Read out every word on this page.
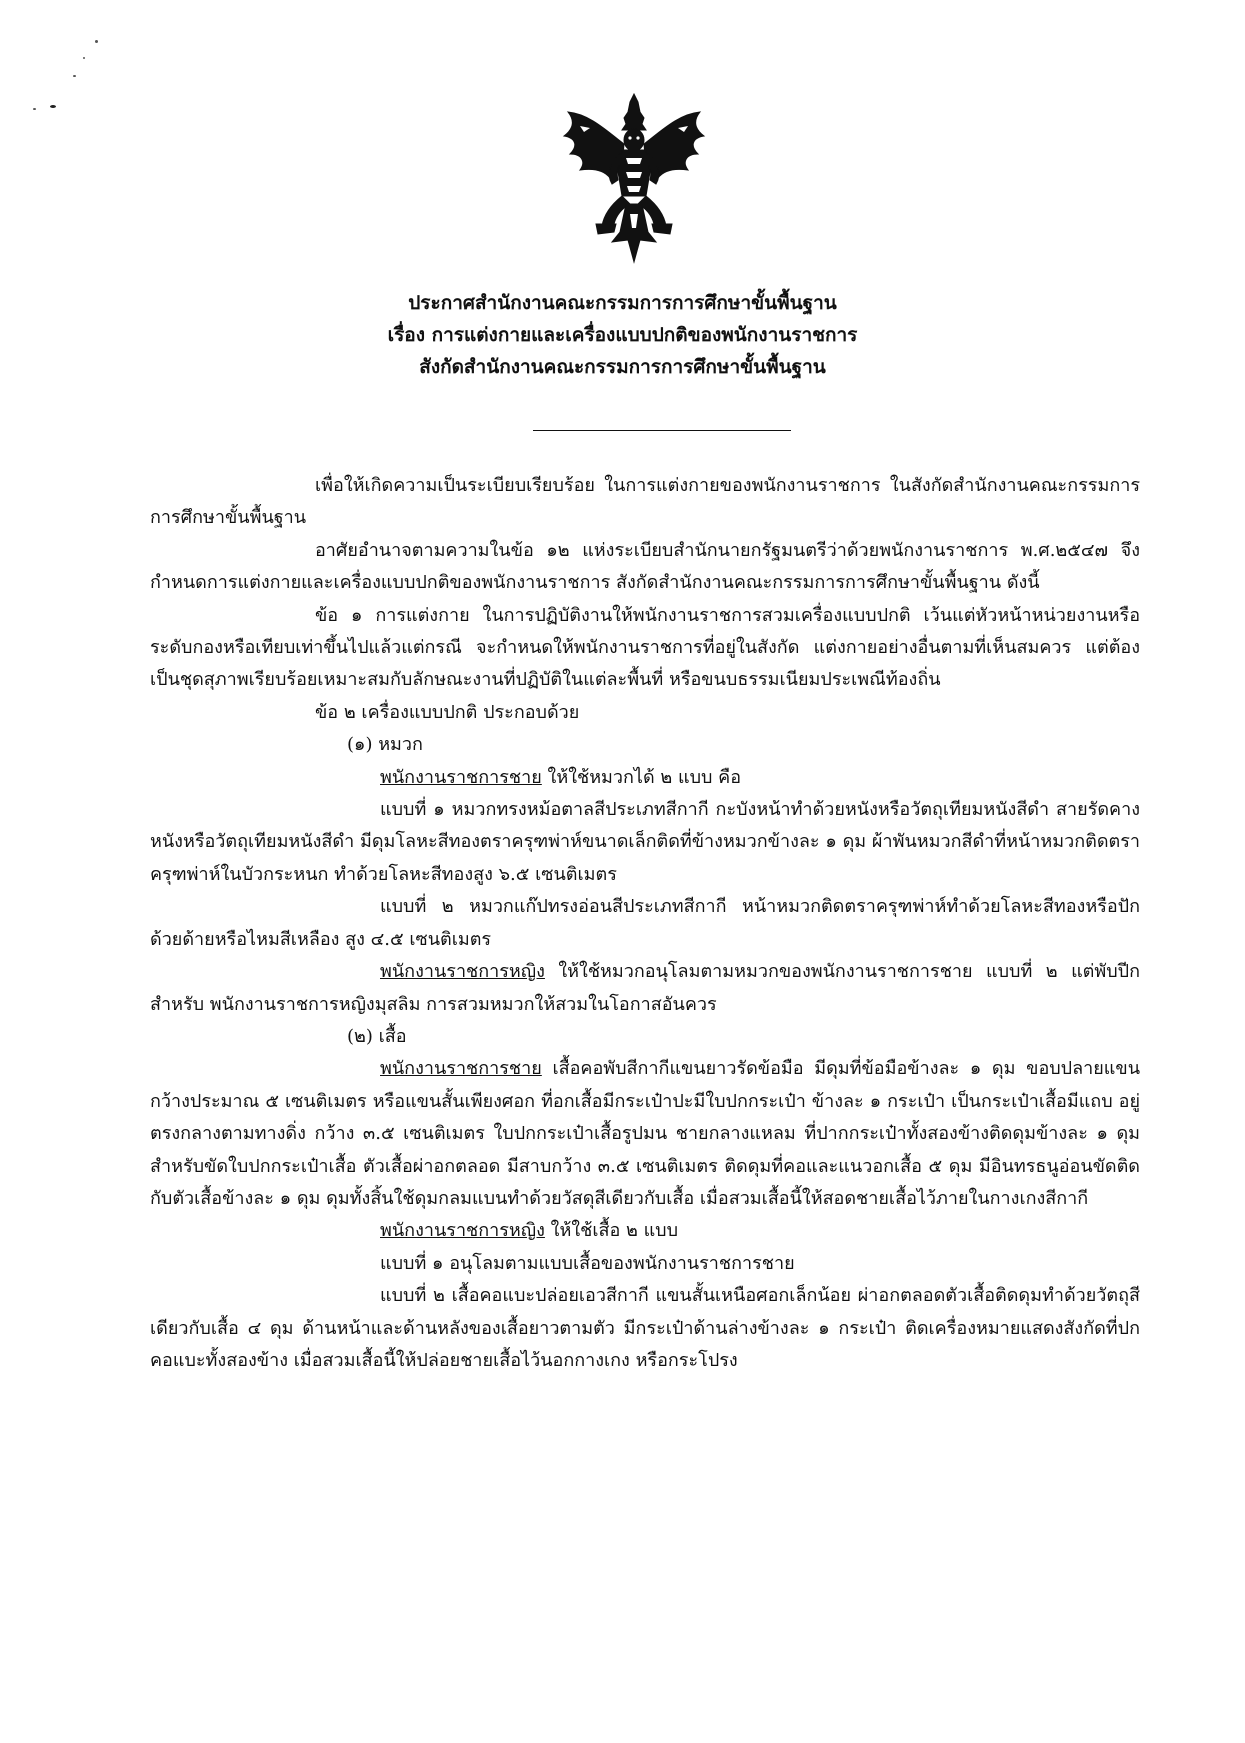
ประกาศสำนักงานคณะกรรมการการศึกษาขั้นพื้นฐาน
เรื่อง การแต่งกายและเครื่องแบบปกติของพนักงานราชการ
สังกัดสำนักงานคณะกรรมการการศึกษาขั้นพื้นฐาน

เพื่อให้เกิดความเป็นระเบียบเรียบร้อย ในการแต่งกายของพนักงานราชการ ในสังกัดสำนักงานคณะกรรมการการศึกษาขั้นพื้นฐาน

อาศัยอำนาจตามความในข้อ ๑๒ แห่งระเบียบสำนักนายกรัฐมนตรีว่าด้วยพนักงานราชการ พ.ศ.๒๕๔๗ จึงกำหนดการแต่งกายและเครื่องแบบปกติของพนักงานราชการ สังกัดสำนักงานคณะกรรมการการศึกษาขั้นพื้นฐาน ดังนี้

ข้อ ๑ การแต่งกาย ในการปฏิบัติงานให้พนักงานราชการสวมเครื่องแบบปกติ เว้นแต่หัวหน้าหน่วยงานหรือระดับกองหรือเทียบเท่าขึ้นไปแล้วแต่กรณี จะกำหนดให้พนักงานราชการที่อยู่ในสังกัด แต่งกายอย่างอื่นตามที่เห็นสมควร แต่ต้องเป็นชุดสุภาพเรียบร้อยเหมาะสมกับลักษณะงานที่ปฏิบัติในแต่ละพื้นที่ หรือขนบธรรมเนียมประเพณีท้องถิ่น

ข้อ ๒ เครื่องแบบปกติ ประกอบด้วย

(๑) หมวก

พนักงานราชการชาย ให้ใช้หมวกได้ ๒ แบบ คือ

แบบที่ ๑ หมวกทรงหม้อตาลสีประเภทสีกากี กะบังหน้าทำด้วยหนังหรือวัตถุเทียมหนังสีดำ สายรัดคางหนังหรือวัตถุเทียมหนังสีดำ มีดุมโลหะสีทองตราครุฑพ่าห์ขนาดเล็กติดที่ข้างหมวกข้างละ ๑ ดุม ผ้าพันหมวกสีดำที่หน้าหมวกติดตราครุฑพ่าห์ในบัวกระหนก ทำด้วยโลหะสีทองสูง ๖.๕ เซนติเมตร

แบบที่ ๒ หมวกแก๊ปทรงอ่อนสีประเภทสีกากี หน้าหมวกติดตราครุฑพ่าห์ทำด้วยโลหะสีทองหรือปักด้วยด้ายหรือไหมสีเหลือง สูง ๔.๕ เซนติเมตร

พนักงานราชการหญิง ให้ใช้หมวกอนุโลมตามหมวกของพนักงานราชการชาย แบบที่ ๒ แต่พับปีกสำหรับ พนักงานราชการหญิงมุสลิม การสวมหมวกให้สวมในโอกาสอันควร

(๒) เสื้อ

พนักงานราชการชาย เสื้อคอพับสีกากีแขนยาวรัดข้อมือ มีดุมที่ข้อมือข้างละ ๑ ดุม ขอบปลายแขนกว้างประมาณ ๕ เซนติเมตร หรือแขนสั้นเพียงศอก ที่อกเสื้อมีกระเป๋าปะมีใบปกกระเป๋า ข้างละ ๑ กระเป๋า เป็นกระเป๋าเสื้อมีแถบ อยู่ตรงกลางตามทางดิ่ง กว้าง ๓.๕ เซนติเมตร ใบปกกระเป๋าเสื้อรูปมน ชายกลางแหลม ที่ปากกระเป๋าทั้งสองข้างติดดุมข้างละ ๑ ดุม สำหรับขัดใบปกกระเป๋าเสื้อ ตัวเสื้อผ่าอกตลอด มีสาบกว้าง ๓.๕ เซนติเมตร ติดดุมที่คอและแนวอกเสื้อ ๕ ดุม มีอินทรธนูอ่อนขัดติดกับตัวเสื้อข้างละ ๑ ดุม ดุมทั้งสิ้นใช้ดุมกลมแบนทำด้วยวัสดุสีเดียวกับเสื้อ เมื่อสวมเสื้อนี้ให้สอดชายเสื้อไว้ภายในกางเกงสีกากี

พนักงานราชการหญิง ให้ใช้เสื้อ ๒ แบบ

แบบที่ ๑ อนุโลมตามแบบเสื้อของพนักงานราชการชาย

แบบที่ ๒ เสื้อคอแบะปล่อยเอวสีกากี แขนสั้นเหนือศอกเล็กน้อย ผ่าอกตลอดตัวเสื้อติดดุมทำด้วยวัตถุสีเดียวกับเสื้อ ๔ ดุม ด้านหน้าและด้านหลังของเสื้อยาวตามตัว มีกระเป๋าด้านล่างข้างละ ๑ กระเป๋า ติดเครื่องหมายแสดงสังกัดที่ปกคอแบะทั้งสองข้าง เมื่อสวมเสื้อนี้ให้ปล่อยชายเสื้อไว้นอกกางเกง หรือกระโปรง
